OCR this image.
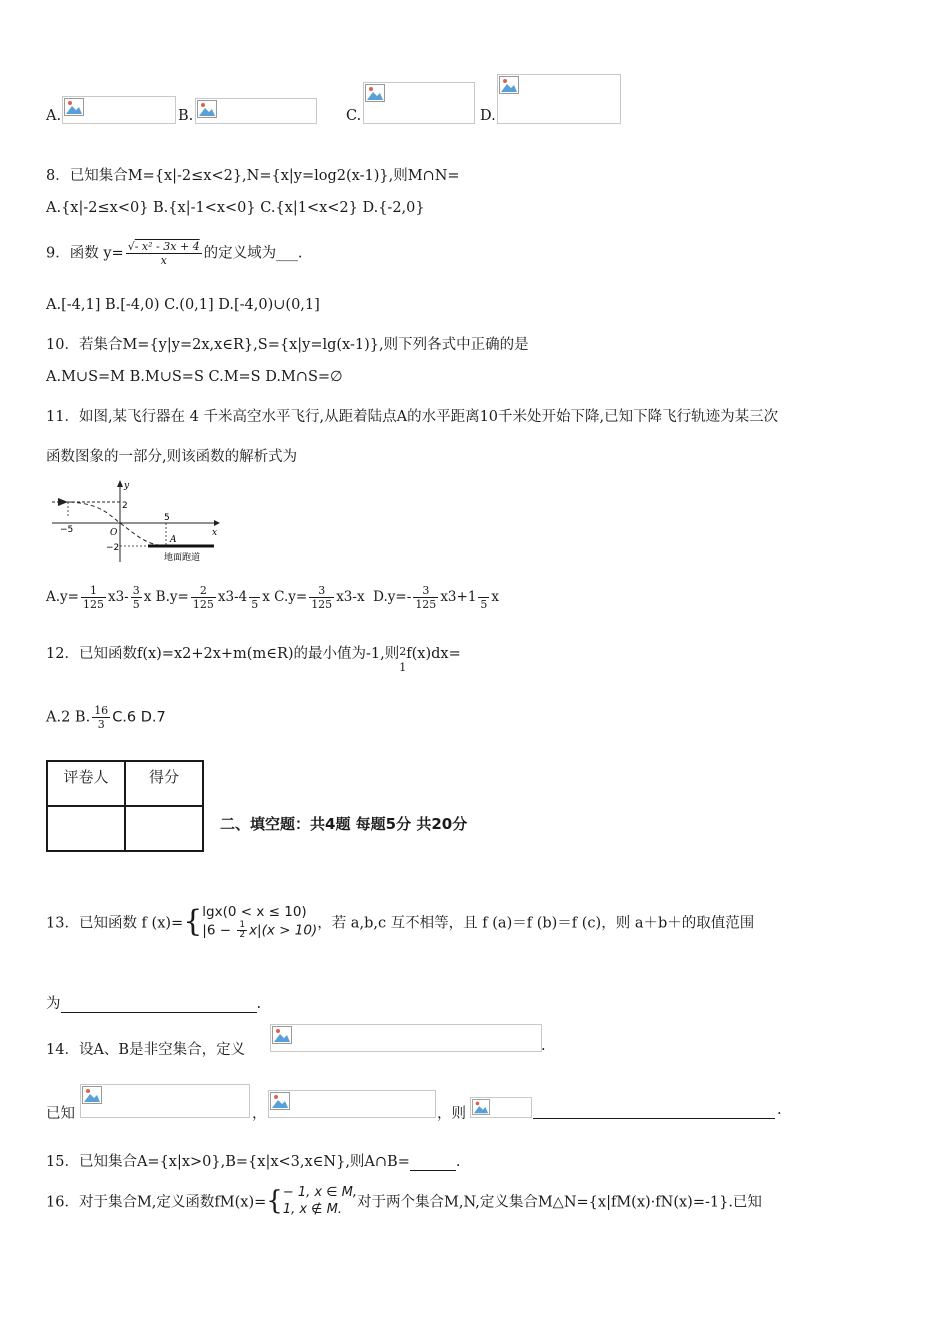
A.	B.	C.	D.
8．已知集合M={x|-2≤x<2},N={x|y=log2(x-1)},则M∩N=
A.{x|-2≤x<0} B.{x|-1<x<0} C.{x|1<x<2} D.{-2,0}
9．函数 $y= \frac{\text{√- x² - 3x + 4}}{x}$ 的定义域为___.
A.[-4,1] B.[-4,0) C.(0,1] D.[-4,0)∪(0,1]
10．若集合M={y|y=2x,x∈R},S={x|y=lg(x-1)},则下列各式中正确的是
A.M∪S=M B.M∪S=S C.M=S D.M∩S=∅
11．如图,某飞行器在 4 千米高空水平飞行,从距着陆点A的水平距离10千米处开始下降,已知下降飞行轨迹为某三次
函数图象的一部分,则该函数的解析式为
y
x
2
−2
−5
5
O
A
地面跑道
$A.y= \frac{1}{125} x3- \frac{3}{5}$ x $B.y= \frac{2}{125} x3-4$
5 x $C.y= \frac{3}{125} x3-x$ $D.y=- \frac{3}{125} x3+1$
5 x
12．已知函数f(x)=x2+2x+m(m∈R)的最小值为-1,则 2
1
f(x)dx=
A.2 B. $\frac{16}{3} C.6$ D.7
评卷人	得分

二、填空题：共4题 每题5分 共20分
13．已知函数 f (x)={ lgx(0 < x ≤ 10)
$|6 - \frac{1}{2} x|(x > 10)$ ，若 a,b,c 互不相等，且 f (a)＝f (b)＝f (c)，则 a＋b＋的取值范围
为	.
14．设A、B是非空集合，定义	.
已知	，	，则	.
15．已知集合A={x|x>0},B={x|x<3,x∈N},则A∩B=	.
16．对于集合M,定义函数fM(x)={ − 1, x ∈ M,
1, x ∉ M.	对于两个集合M,N,定义集合M△N={x|fM(x)·fN(x)=-1}.已知
